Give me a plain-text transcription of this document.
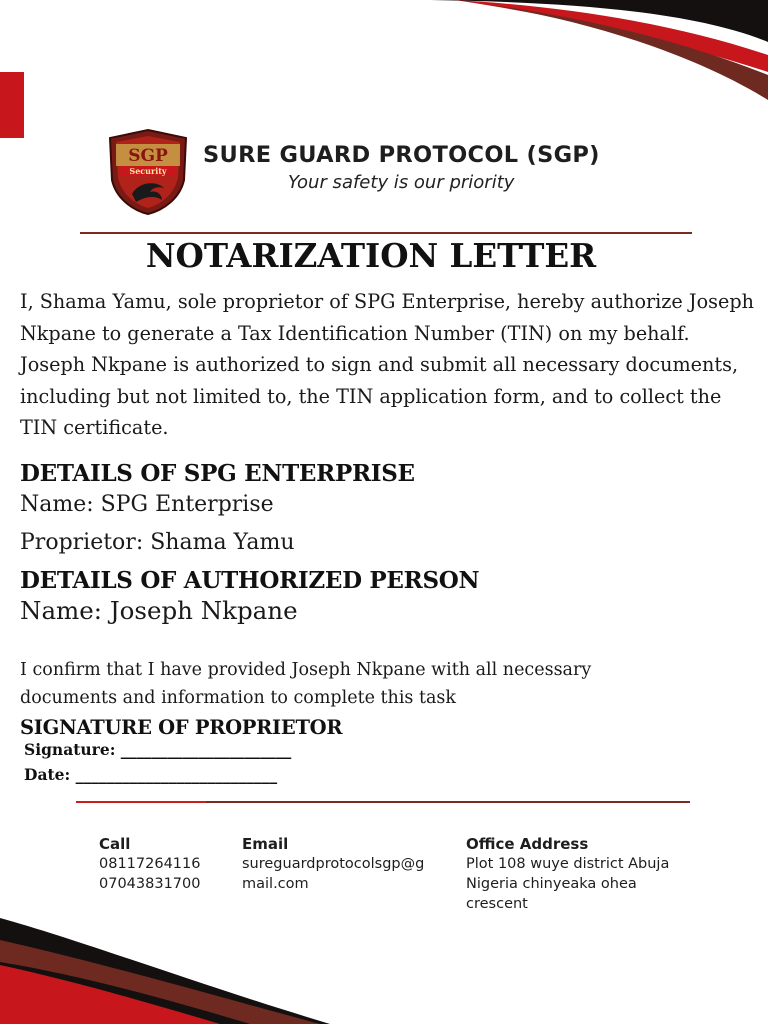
SGP
Security
SURE GUARD PROTOCOL (SGP)
Your safety is our priority
NOTARIZATION LETTER
I, Shama Yamu, sole proprietor of SPG Enterprise, hereby authorize Joseph Nkpane to generate a Tax Identification Number (TIN) on my behalf. Joseph Nkpane is authorized to sign and submit all necessary documents, including but not limited to, the TIN application form, and to collect the TIN certificate.
DETAILS OF SPG ENTERPRISE
Name: SPG Enterprise
Proprietor: Shama Yamu
DETAILS OF AUTHORIZED PERSON
Name: Joseph Nkpane
I confirm that I have provided Joseph Nkpane with all necessary documents and information to complete this task
SIGNATURE OF PROPRIETOR
Signature: ______________________
Date: __________________________
Call
08117264116
07043831700
Email
sureguardprotocolsgp@g
mail.com
Office Address
Plot 108 wuye district Abuja
Nigeria chinyeaka ohea
crescent
